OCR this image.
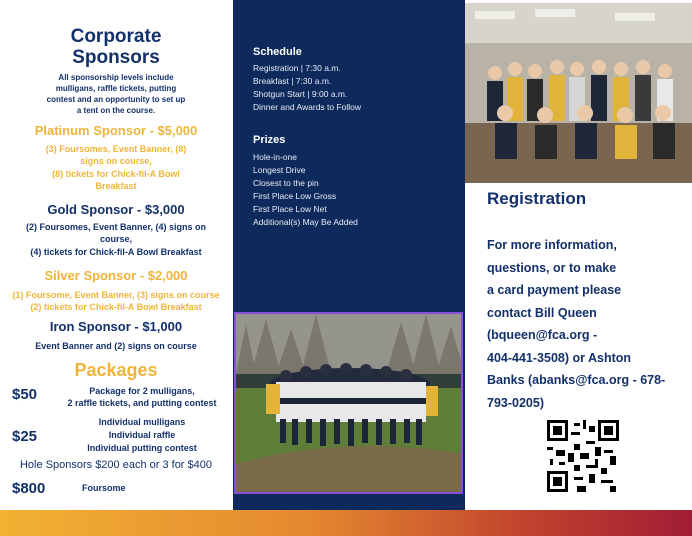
Corporate
Sponsors
All sponsorship levels include
mulligans, raffle tickets, putting
contest and an opportunity to set up
a tent on the course.
Platinum Sponsor - $5,000
(3) Foursomes, Event Banner, (8)
signs on course,
(8) tickets for Chick-fil-A Bowl
Breakfast
Gold Sponsor - $3,000
(2) Foursomes, Event Banner, (4) signs on
course,
(4) tickets for Chick-fil-A Bowl Breakfast
Silver Sponsor - $2,000
(1) Foursome, Event Banner, (3) signs on course
(2) tickets for Chick-fil-A Bowl Breakfast
Iron Sponsor - $1,000
Event Banner and (2) signs on course
Packages
$50	Package for 2 mulligans,
2 raffle tickets, and putting contest
$25
Individual mulligans
Individual raffle
Individual putting contest
Hole Sponsors $200 each or 3 for $400
$800	Foursome
Schedule
Registration | 7:30 a.m.
Breakfast | 7:30 a.m.
Shotgun Start | 9:00 a.m.
Dinner and Awards to Follow
Prizes
Hole-in-one
Longest Drive
Closest to the pin
First Place Low Gross
First Place Low Net
Additional(s) May Be Added
Registration
For more information,
questions, or to make
a card payment please
contact Bill Queen
(bqueen@fca.org -
404-441-3508) or Ashton
Banks (abanks@fca.org - 678-
793-0205)
